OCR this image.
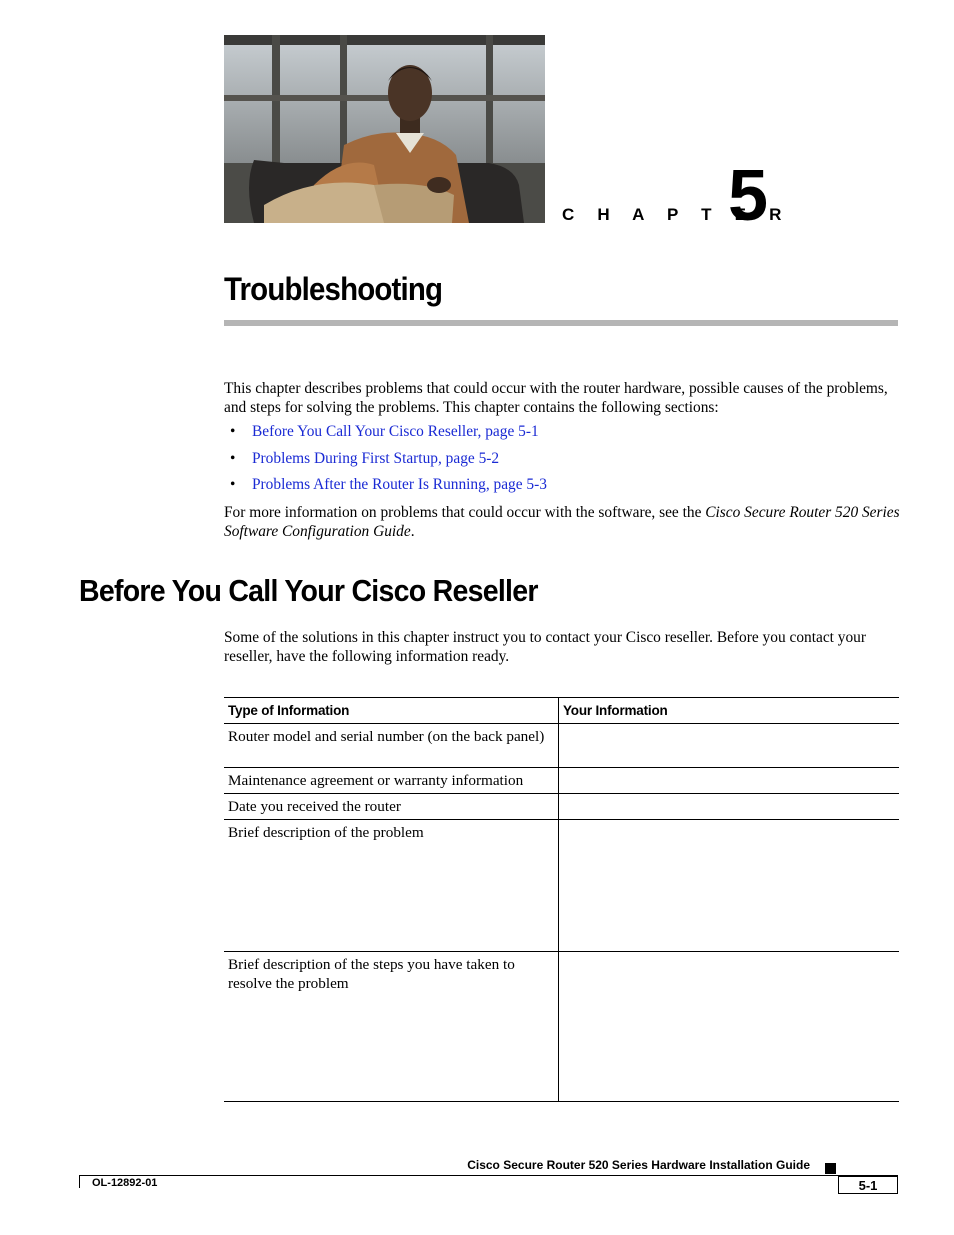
C H A P T E R
5
Troubleshooting

This chapter describes problems that could occur with the router hardware, possible causes of the problems, and steps for solving the problems. This chapter contains the following sections:

• Before You Call Your Cisco Reseller, page 5-1
• Problems During First Startup, page 5-2
• Problems After the Router Is Running, page 5-3

For more information on problems that could occur with the software, see the Cisco Secure Router 520 Series Software Configuration Guide.

Before You Call Your Cisco Reseller

Some of the solutions in this chapter instruct you to contact your Cisco reseller. Before you contact your reseller, have the following information ready.

Type of Information	Your Information
Router model and serial number (on the back panel)	
Maintenance agreement or warranty information	
Date you received the router	
Brief description of the problem	
Brief description of the steps you have taken to resolve the problem	
Cisco Secure Router 520 Series Hardware Installation Guide
OL-12892-01	5-1
